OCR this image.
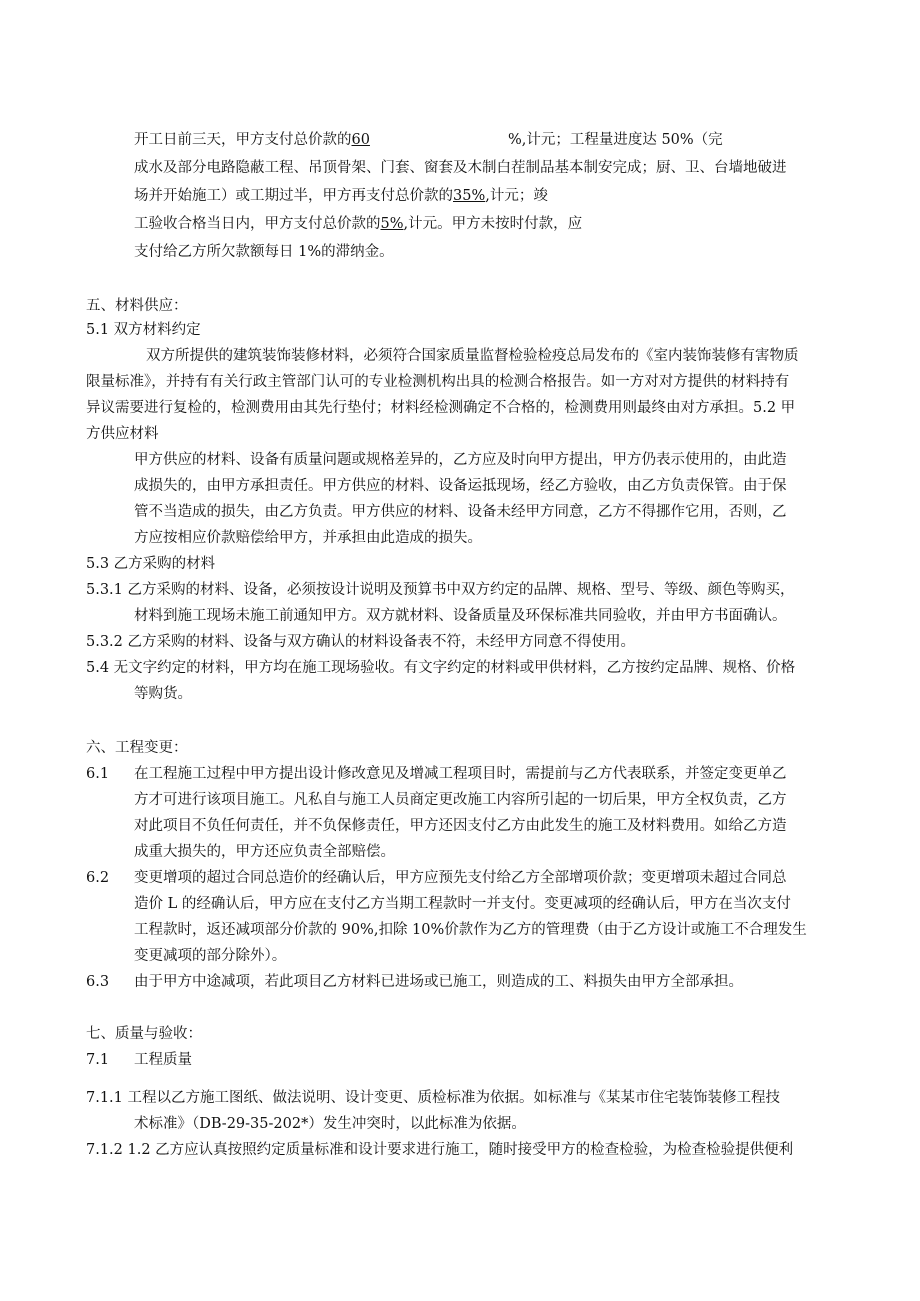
开工日前三天，甲方支付总价款的60	%,计元；工程量进度达 50%（完
成水及部分电路隐蔽工程、吊顶骨架、门套、窗套及木制白茬制品基本制安完成；厨、卫、台墙地破进
场并开始施工）或工期过半，甲方再支付总价款的35%,计元；竣
工验收合格当日内，甲方支付总价款的5%,计元。甲方未按时付款，应
支付给乙方所欠款额每日 1%的滞纳金。
五、材料供应：
5.1 双方材料约定
双方所提供的建筑装饰装修材料，必须符合国家质量监督检验检疫总局发布的《室内装饰装修有害物质
限量标准》，并持有有关行政主管部门认可的专业检测机构出具的检测合格报告。如一方对对方提供的材料持有
异议需要进行复检的，检测费用由其先行垫付；材料经检测确定不合格的，检测费用则最终由对方承担。5.2 甲
方供应材料
甲方供应的材料、设备有质量问题或规格差异的，乙方应及时向甲方提出，甲方仍表示使用的，由此造
成损失的，由甲方承担责任。甲方供应的材料、设备运抵现场，经乙方验收，由乙方负责保管。由于保
管不当造成的损失，由乙方负责。甲方供应的材料、设备未经甲方同意，乙方不得挪作它用，否则，乙
方应按相应价款赔偿给甲方，并承担由此造成的损失。
5.3 乙方采购的材料
5.3.1 乙方采购的材料、设备，必须按设计说明及预算书中双方约定的品牌、规格、型号、等级、颜色等购买，
材料到施工现场未施工前通知甲方。双方就材料、设备质量及环保标准共同验收，并由甲方书面确认。
5.3.2 乙方采购的材料、设备与双方确认的材料设备表不符，未经甲方同意不得使用。
5.4 无文字约定的材料，甲方均在施工现场验收。有文字约定的材料或甲供材料，乙方按约定品牌、规格、价格
等购货。
六、工程变更：
6.1 在工程施工过程中甲方提出设计修改意见及增减工程项目时，需提前与乙方代表联系，并签定变更单乙
方才可进行该项目施工。凡私自与施工人员商定更改施工内容所引起的一切后果，甲方全权负责，乙方
对此项目不负任何责任，并不负保修责任，甲方还因支付乙方由此发生的施工及材料费用。如给乙方造
成重大损失的，甲方还应负责全部赔偿。
6.2 变更增项的超过合同总造价的经确认后，甲方应预先支付给乙方全部增项价款；变更增项未超过合同总
造价 L 的经确认后，甲方应在支付乙方当期工程款时一并支付。变更减项的经确认后，甲方在当次支付
工程款时，返还减项部分价款的 90%,扣除 10%价款作为乙方的管理费（由于乙方设计或施工不合理发生
变更减项的部分除外）。
6.3 由于甲方中途减项，若此项目乙方材料已进场或已施工，则造成的工、料损失由甲方全部承担。
七、质量与验收：
7.1 工程质量
7.1.1 工程以乙方施工图纸、做法说明、设计变更、质检标准为依据。如标准与《某某市住宅装饰装修工程技
术标准》（DB-29-35-202*）发生冲突时，以此标准为依据。
7.1.2 1.2 乙方应认真按照约定质量标准和设计要求进行施工，随时接受甲方的检查检验，为检查检验提供便利
